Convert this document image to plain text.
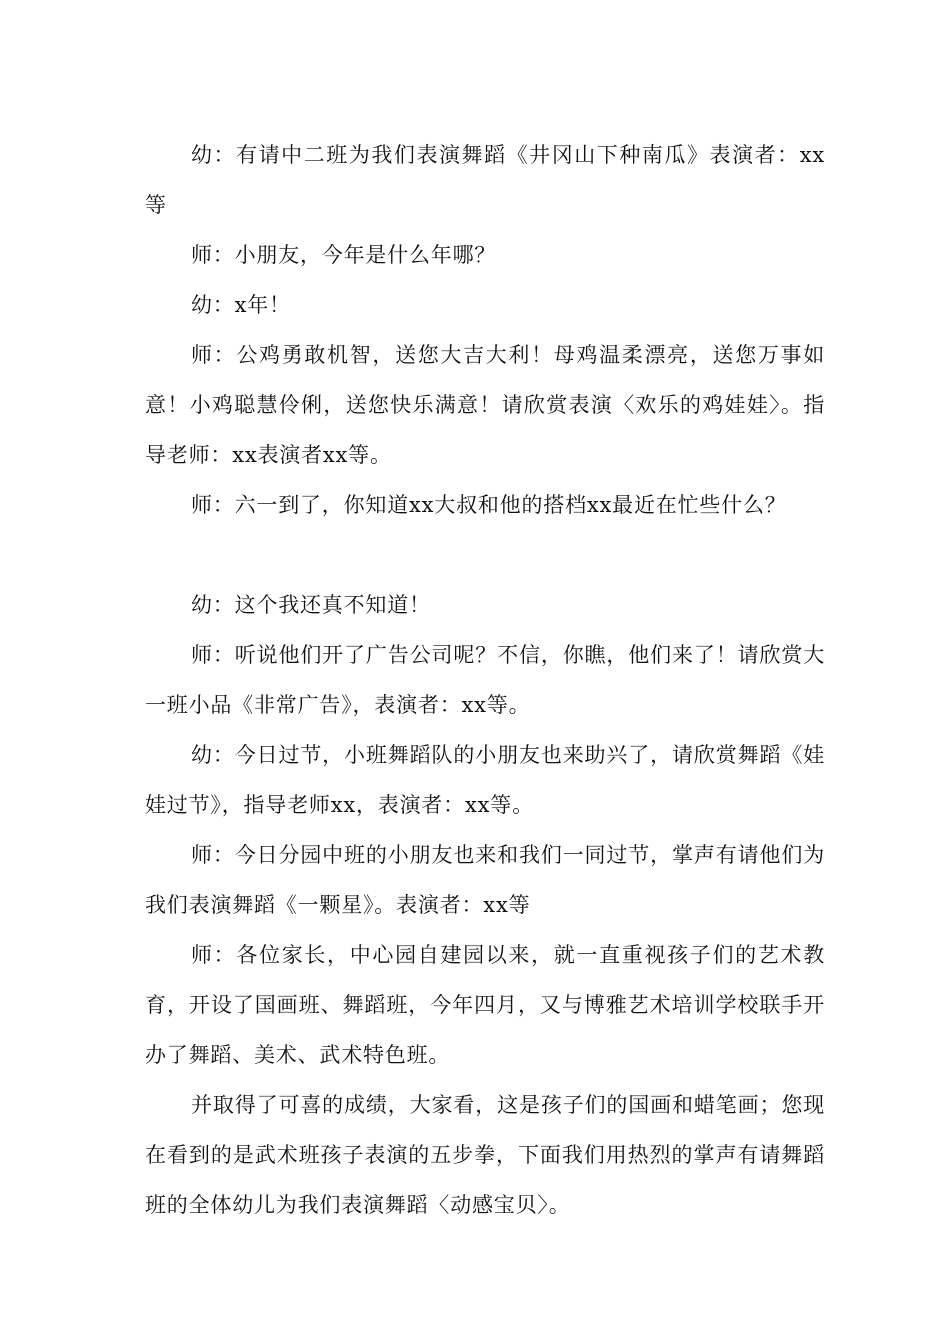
幼：有请中二班为我们表演舞蹈《井冈山下种南瓜》表演者：xx等

师：小朋友，今年是什么年哪？

幼：x年！

师：公鸡勇敢机智，送您大吉大利！母鸡温柔漂亮，送您万事如意！小鸡聪慧伶俐，送您快乐满意！请欣赏表演〈欢乐的鸡娃娃〉。指导老师：xx表演者xx等。

师：六一到了，你知道xx大叔和他的搭档xx最近在忙些什么？

幼：这个我还真不知道！

师：听说他们开了广告公司呢？不信，你瞧，他们来了！请欣赏大一班小品《非常广告》，表演者：xx等。

幼：今日过节，小班舞蹈队的小朋友也来助兴了，请欣赏舞蹈《娃娃过节》，指导老师xx，表演者：xx等。

师：今日分园中班的小朋友也来和我们一同过节，掌声有请他们为我们表演舞蹈《一颗星》。表演者：xx等

师：各位家长，中心园自建园以来，就一直重视孩子们的艺术教育，开设了国画班、舞蹈班，今年四月，又与博雅艺术培训学校联手开办了舞蹈、美术、武术特色班。

并取得了可喜的成绩，大家看，这是孩子们的国画和蜡笔画；您现在看到的是武术班孩子表演的五步拳，下面我们用热烈的掌声有请舞蹈班的全体幼儿为我们表演舞蹈〈动感宝贝〉。
